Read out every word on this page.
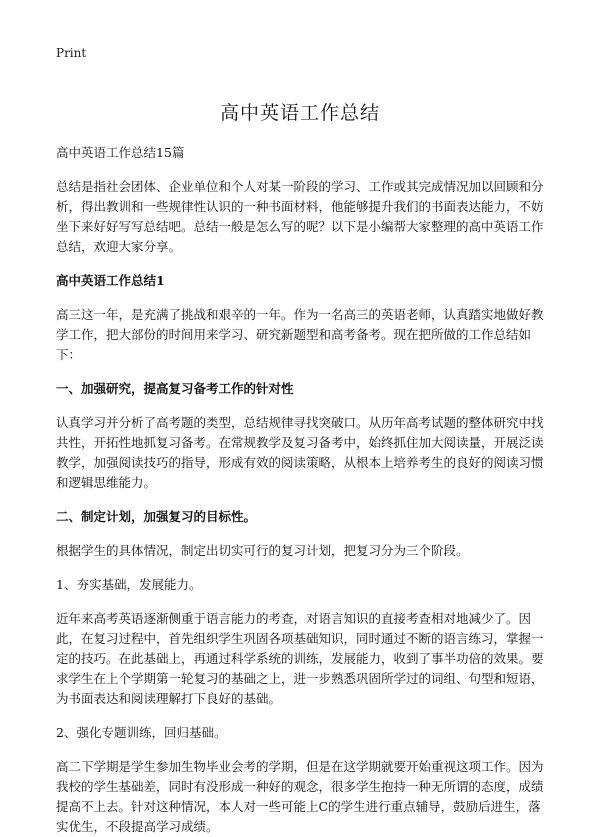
Print
高中英语工作总结

高中英语工作总结15篇

总结是指社会团体、企业单位和个人对某一阶段的学习、工作或其完成情况加以回顾和分析，得出教训和一些规律性认识的一种书面材料，他能够提升我们的书面表达能力，不妨坐下来好好写写总结吧。总结一般是怎么写的呢？以下是小编帮大家整理的高中英语工作总结，欢迎大家分享。

高中英语工作总结1

高三这一年，是充满了挑战和艰辛的一年。作为一名高三的英语老师，认真踏实地做好教学工作，把大部份的时间用来学习、研究新题型和高考备考。现在把所做的工作总结如下：

一、加强研究，提高复习备考工作的针对性

认真学习并分析了高考题的类型，总结规律寻找突破口。从历年高考试题的整体研究中找共性，开拓性地抓复习备考。在常规教学及复习备考中，始终抓住加大阅读量，开展泛读教学，加强阅读技巧的指导，形成有效的阅读策略，从根本上培养考生的良好的阅读习惯和逻辑思维能力。

二、制定计划，加强复习的目标性。

根据学生的具体情况，制定出切实可行的复习计划，把复习分为三个阶段。

1、夯实基础，发展能力。

近年来高考英语逐渐侧重于语言能力的考查，对语言知识的直接考查相对地减少了。因此，在复习过程中，首先组织学生巩固各项基础知识，同时通过不断的语言练习，掌握一定的技巧。在此基础上，再通过科学系统的训练，发展能力，收到了事半功倍的效果。要求学生在上个学期第一轮复习的基础之上，进一步熟悉巩固所学过的词组、句型和短语，为书面表达和阅读理解打下良好的基础。

2、强化专题训练，回归基础。

高二下学期是学生参加生物毕业会考的学期，但是在这学期就要开始重视这项工作。因为我校的学生基础差，同时有没形成一种好的观念，很多学生抱持一种无所谓的态度，成绩提高不上去。针对这种情况，本人对一些可能上C的学生进行重点辅导，鼓励后进生，落实优生，不段提高学习成绩。
